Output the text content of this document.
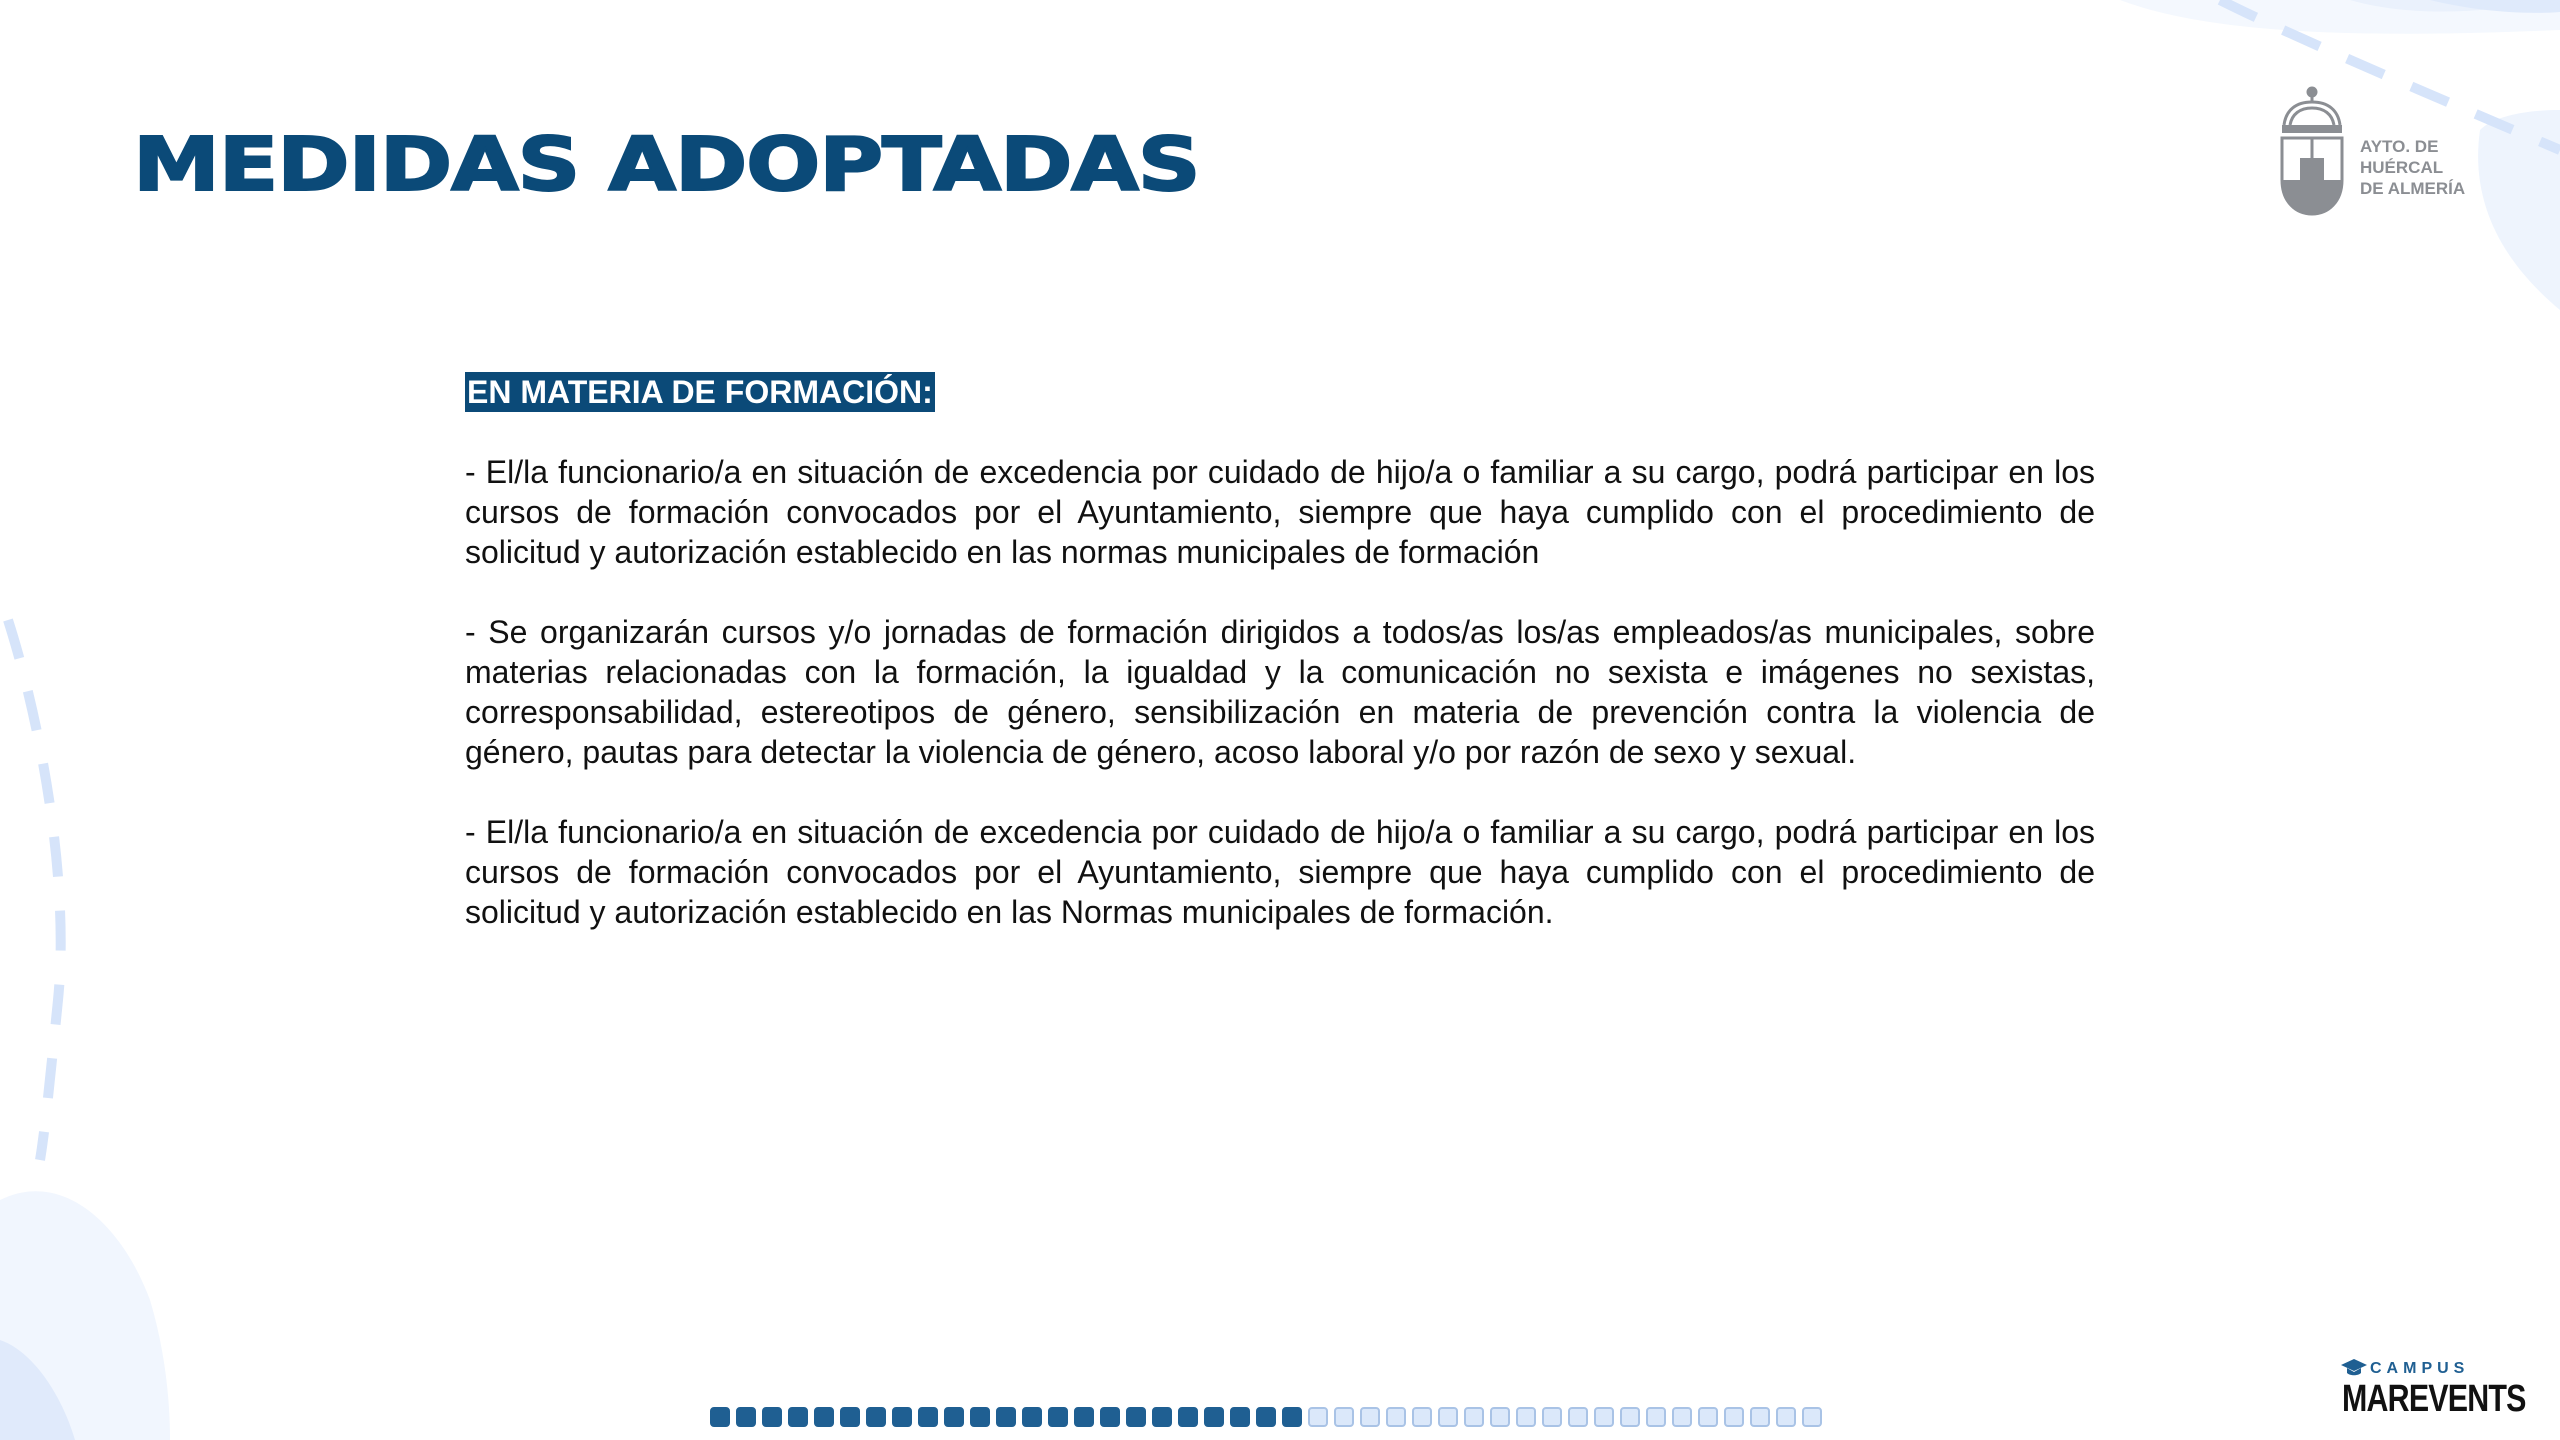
MEDIDAS ADOPTADAS	AYTO. DE
HUÉRCAL
DE ALMERÍA
EN MATERIA DE FORMACIÓN:

- El/la funcionario/a en situación de excedencia por cuidado de hijo/a o familiar a su cargo, podrá participar en los cursos de formación convocados por el Ayuntamiento, siempre que haya cumplido con el procedimiento de solicitud y autorización establecido en las normas municipales de formación

- Se organizarán cursos y/o jornadas de formación dirigidos a todos/as los/as empleados/as municipales, sobre materias relacionadas con la formación, la igualdad y la comunicación no sexista e imágenes no sexistas, corresponsabilidad, estereotipos de género, sensibilización en materia de prevención contra la violencia de género, pautas para detectar la violencia de género, acoso laboral y/o por razón de sexo y sexual.

- El/la funcionario/a en situación de excedencia por cuidado de hijo/a o familiar a su cargo, podrá participar en los cursos de formación convocados por el Ayuntamiento, siempre que haya cumplido con el procedimiento de solicitud y autorización establecido en las Normas municipales de formación.

CAMPUS
MAREVENTS
